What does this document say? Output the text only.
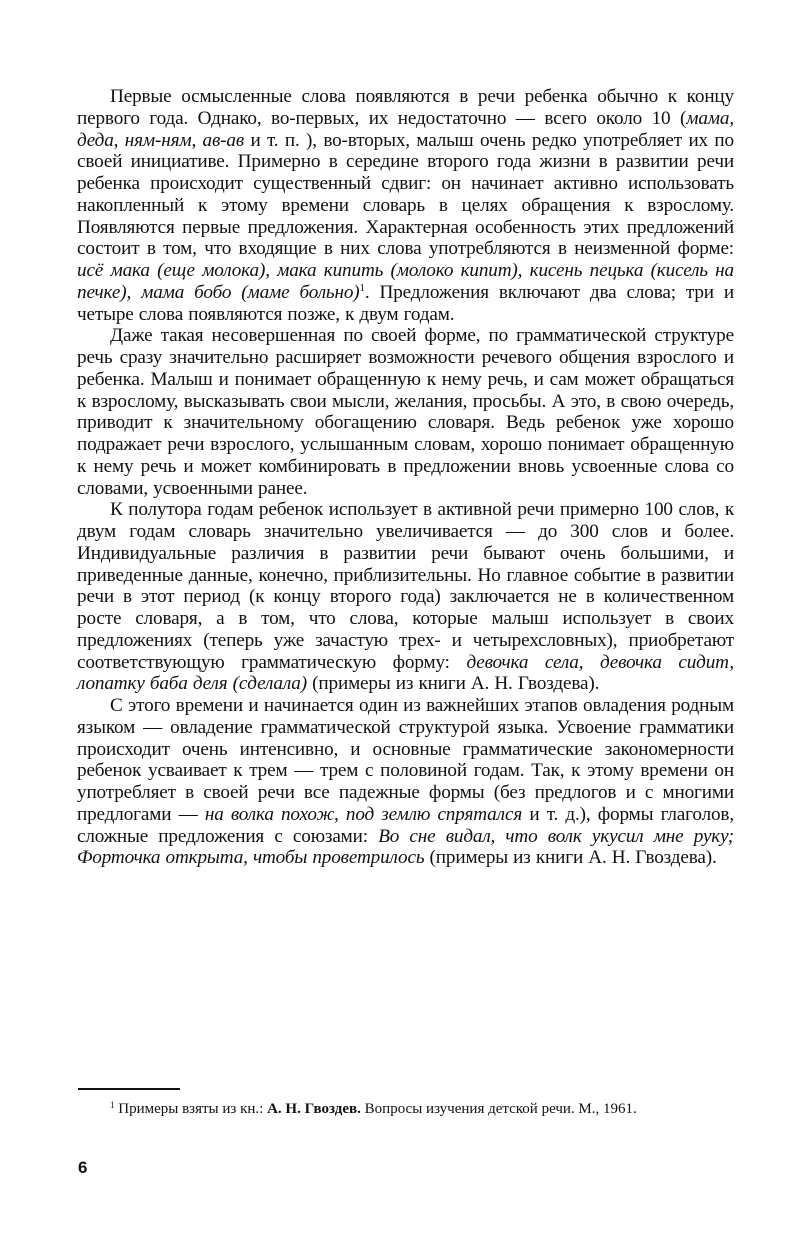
Первые осмысленные слова появляются в речи ребенка обычно к концу первого года. Однако, во-первых, их недостаточно — всего около 10 (мама, деда, ням-ням, ав-ав и т. п. ), во-вторых, малыш очень редко употребляет их по своей инициативе. Примерно в середине второго года жизни в развитии речи ребенка происходит существенный сдвиг: он начинает активно использовать накопленный к этому времени словарь в целях обращения к взрослому. Появляются первые предложения. Характерная особенность этих предложений состоит в том, что входящие в них слова употребляются в неизменной форме: исё мака (еще молока), мака кипить (молоко кипит), кисень пецька (кисель на печке), мама бобо (маме больно)$^1$. Предложения включают два слова; три и четыре слова появляются позже, к двум годам.

Даже такая несовершенная по своей форме, по грамматической структуре речь сразу значительно расширяет возможности речевого общения взрослого и ребенка. Малыш и понимает обращенную к нему речь, и сам может обращаться к взрослому, высказывать свои мысли, желания, просьбы. А это, в свою очередь, приводит к значительному обогащению словаря. Ведь ребенок уже хорошо подражает речи взрослого, услышанным словам, хорошо понимает обращенную к нему речь и может комбинировать в предложении вновь усвоенные слова со словами, усвоенными ранее.

К полутора годам ребенок использует в активной речи примерно 100 слов, к двум годам словарь значительно увеличивается — до 300 слов и более. Индивидуальные различия в развитии речи бывают очень большими, и приведенные данные, конечно, приблизительны. Но главное событие в развитии речи в этот период (к концу второго года) заключается не в количественном росте словаря, а в том, что слова, которые малыш использует в своих предложениях (теперь уже зачастую трех- и четырехсловных), приобретают соответствующую грамматическую форму: девочка села, девочка сидит, лопатку баба деля (сделала) (примеры из книги А. Н. Гвоздева).

С этого времени и начинается один из важнейших этапов овладения родным языком — овладение грамматической структурой языка. Усвоение грамматики происходит очень интенсивно, и основные грамматические закономерности ребенок усваивает к трем — трем с половиной годам. Так, к этому времени он употребляет в своей речи все падежные формы (без предлогов и с многими предлогами — на волка похож, под землю спрятался и т. д.), формы глаголов, сложные предложения с союзами: Во сне видал, что волк укусил мне руку; Форточка открыта, чтобы проветрилось (примеры из книги А. Н. Гвоздева).

$^1$ Примеры взяты из кн.: А. Н. Гвоздев. Вопросы изучения детской речи. М., 1961.
6
